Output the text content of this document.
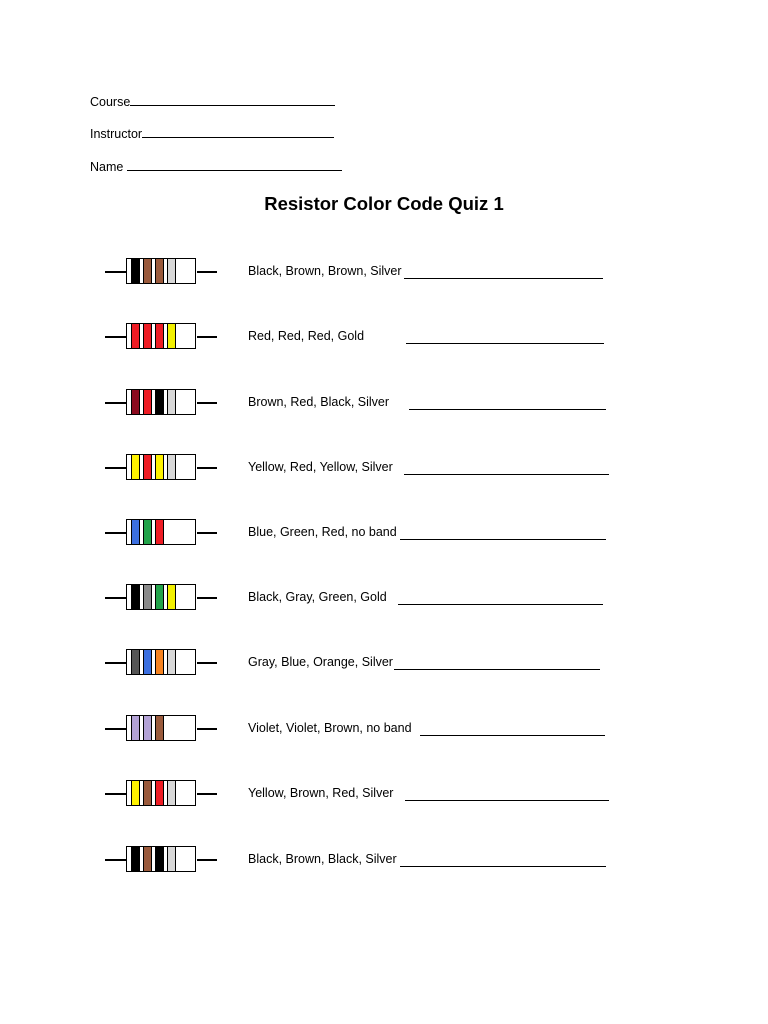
Course
Instructor
Name
Resistor Color Code Quiz 1
Black, Brown, Brown, Silver
Red, Red, Red, Gold
Brown, Red, Black, Silver
Yellow, Red, Yellow, Silver
Blue, Green, Red, no band
Black, Gray, Green, Gold
Gray, Blue, Orange, Silver
Violet, Violet, Brown, no band
Yellow, Brown, Red, Silver
Black, Brown, Black, Silver
